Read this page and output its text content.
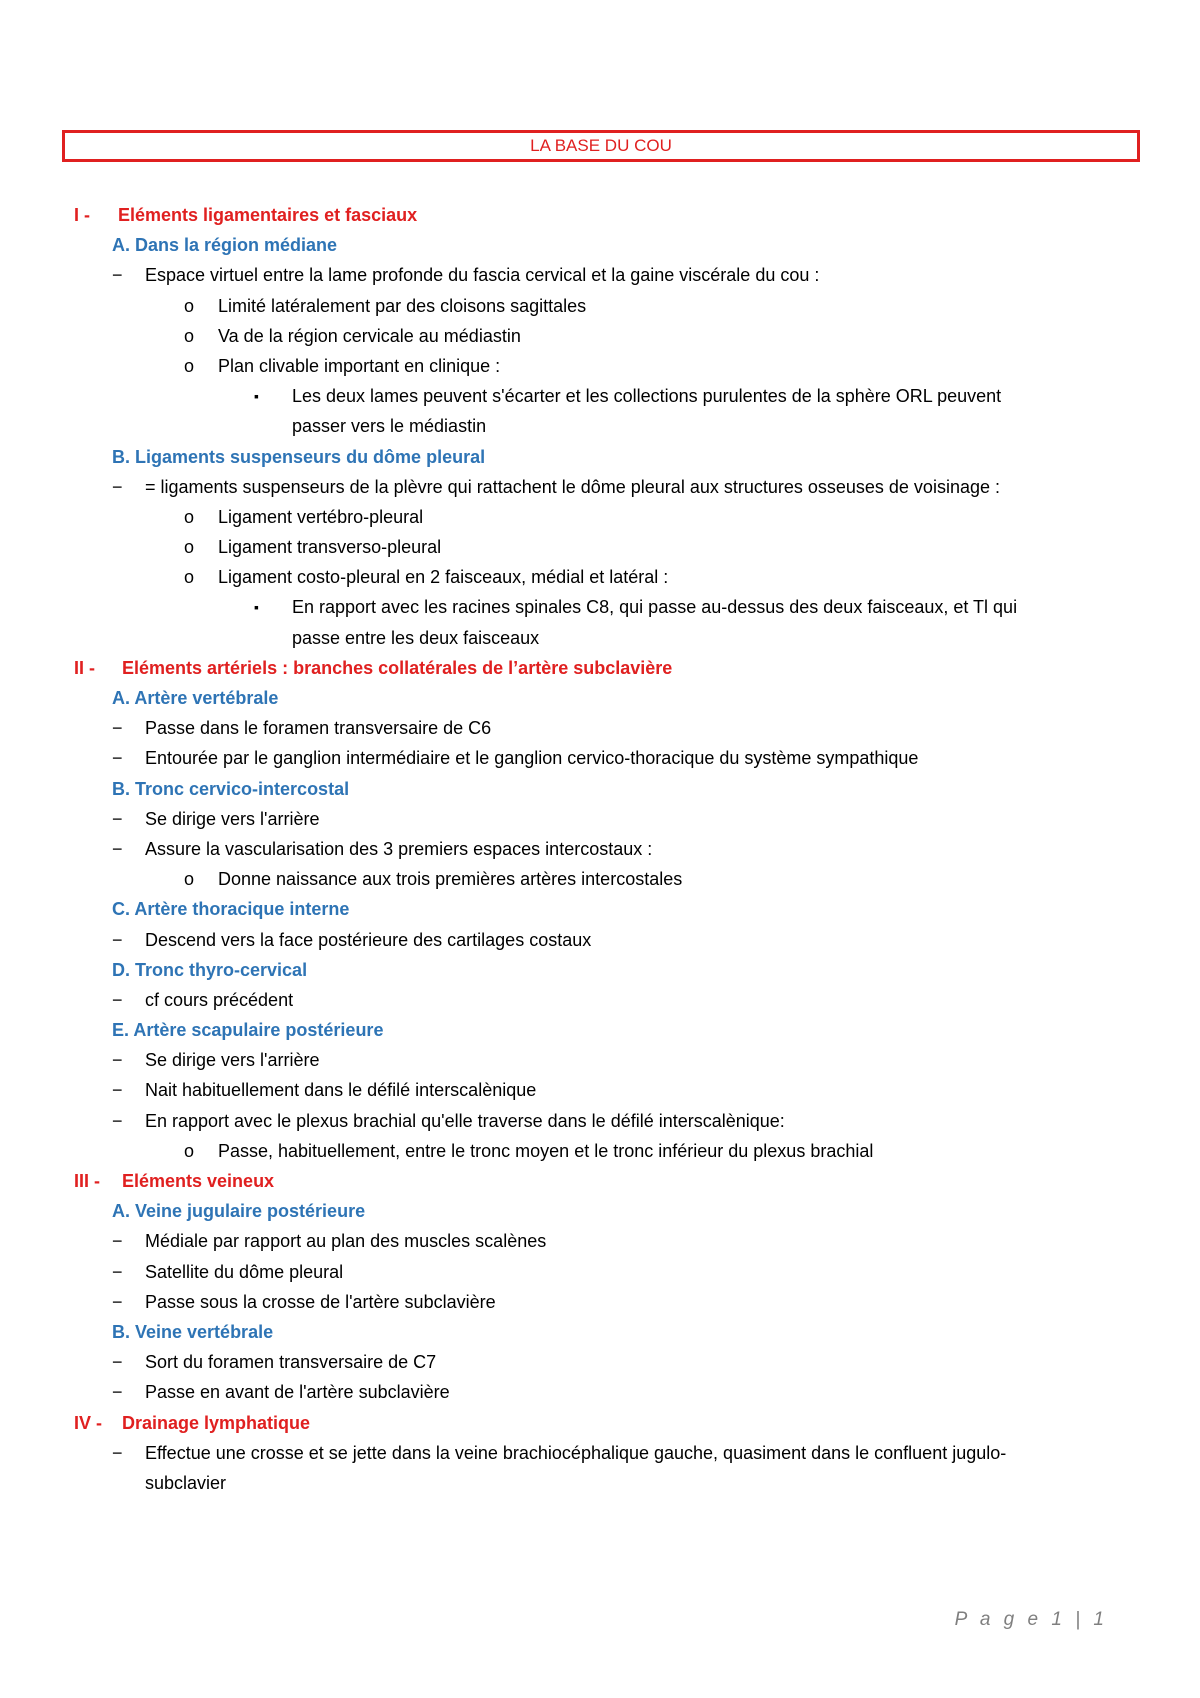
LA BASE DU COU
I - Eléments ligamentaires et fasciaux
A. Dans la région médiane
− Espace virtuel entre la lame profonde du fascia cervical et la gaine viscérale du cou :
o Limité latéralement par des cloisons sagittales
o Va de la région cervicale au médiastin
o Plan clivable important en clinique :
▪ Les deux lames peuvent s'écarter et les collections purulentes de la sphère ORL peuvent
passer vers le médiastin
B. Ligaments suspenseurs du dôme pleural
− = ligaments suspenseurs de la plèvre qui rattachent le dôme pleural aux structures osseuses de voisinage :
o Ligament vertébro-pleural
o Ligament transverso-pleural
o Ligament costo-pleural en 2 faisceaux, médial et latéral :
▪ En rapport avec les racines spinales C8, qui passe au-dessus des deux faisceaux, et Tl qui
passe entre les deux faisceaux
II - Eléments artériels : branches collatérales de l’artère subclavière
A. Artère vertébrale
− Passe dans le foramen transversaire de C6
− Entourée par le ganglion intermédiaire et le ganglion cervico-thoracique du système sympathique
B. Tronc cervico-intercostal
− Se dirige vers l'arrière
− Assure la vascularisation des 3 premiers espaces intercostaux :
o Donne naissance aux trois premières artères intercostales
C. Artère thoracique interne
− Descend vers la face postérieure des cartilages costaux
D. Tronc thyro-cervical
− cf cours précédent
E. Artère scapulaire postérieure
− Se dirige vers l'arrière
− Nait habituellement dans le défilé interscalènique
− En rapport avec le plexus brachial qu'elle traverse dans le défilé interscalènique:
o Passe, habituellement, entre le tronc moyen et le tronc inférieur du plexus brachial
III - Eléments veineux
A. Veine jugulaire postérieure
− Médiale par rapport au plan des muscles scalènes
− Satellite du dôme pleural
− Passe sous la crosse de l'artère subclavière
B. Veine vertébrale
− Sort du foramen transversaire de C7
− Passe en avant de l'artère subclavière
IV - Drainage lymphatique
− Effectue une crosse et se jette dans la veine brachiocéphalique gauche, quasiment dans le confluent jugulo-
subclavier
P a g e 1 | 1
